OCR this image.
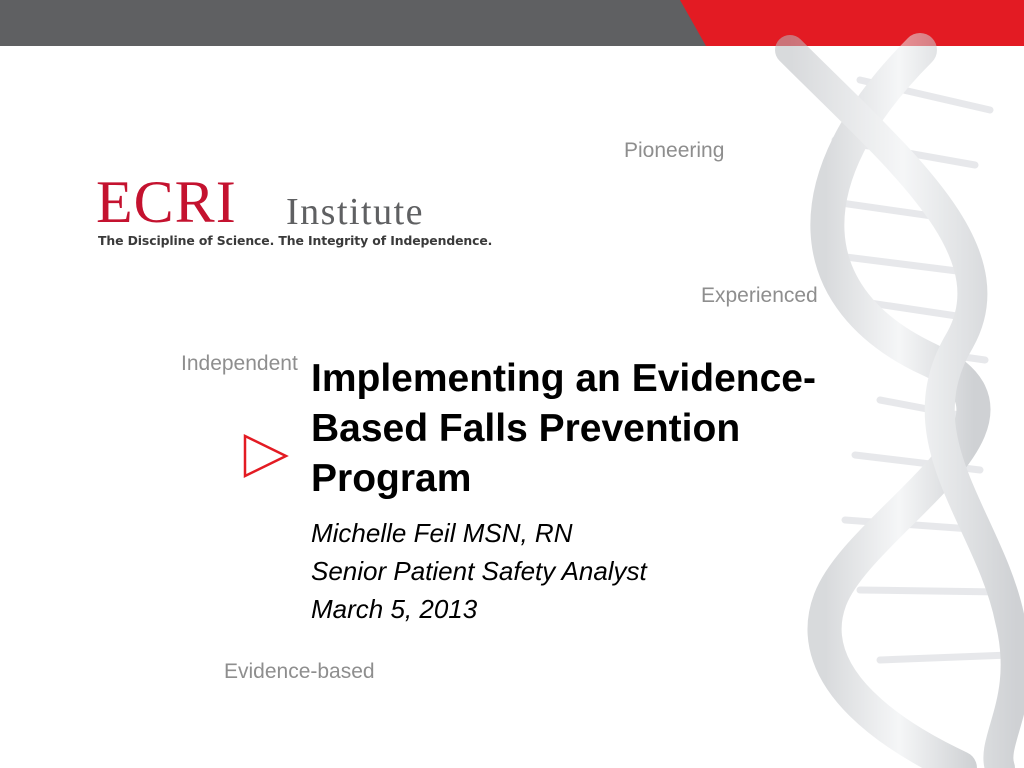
ECRI Institute
The Discipline of Science. The Integrity of Independence.
Pioneering
Experienced
Independent
Evidence-based
Implementing an Evidence-
Based Falls Prevention
Program
Michelle Feil MSN, RN
Senior Patient Safety Analyst
March 5, 2013
